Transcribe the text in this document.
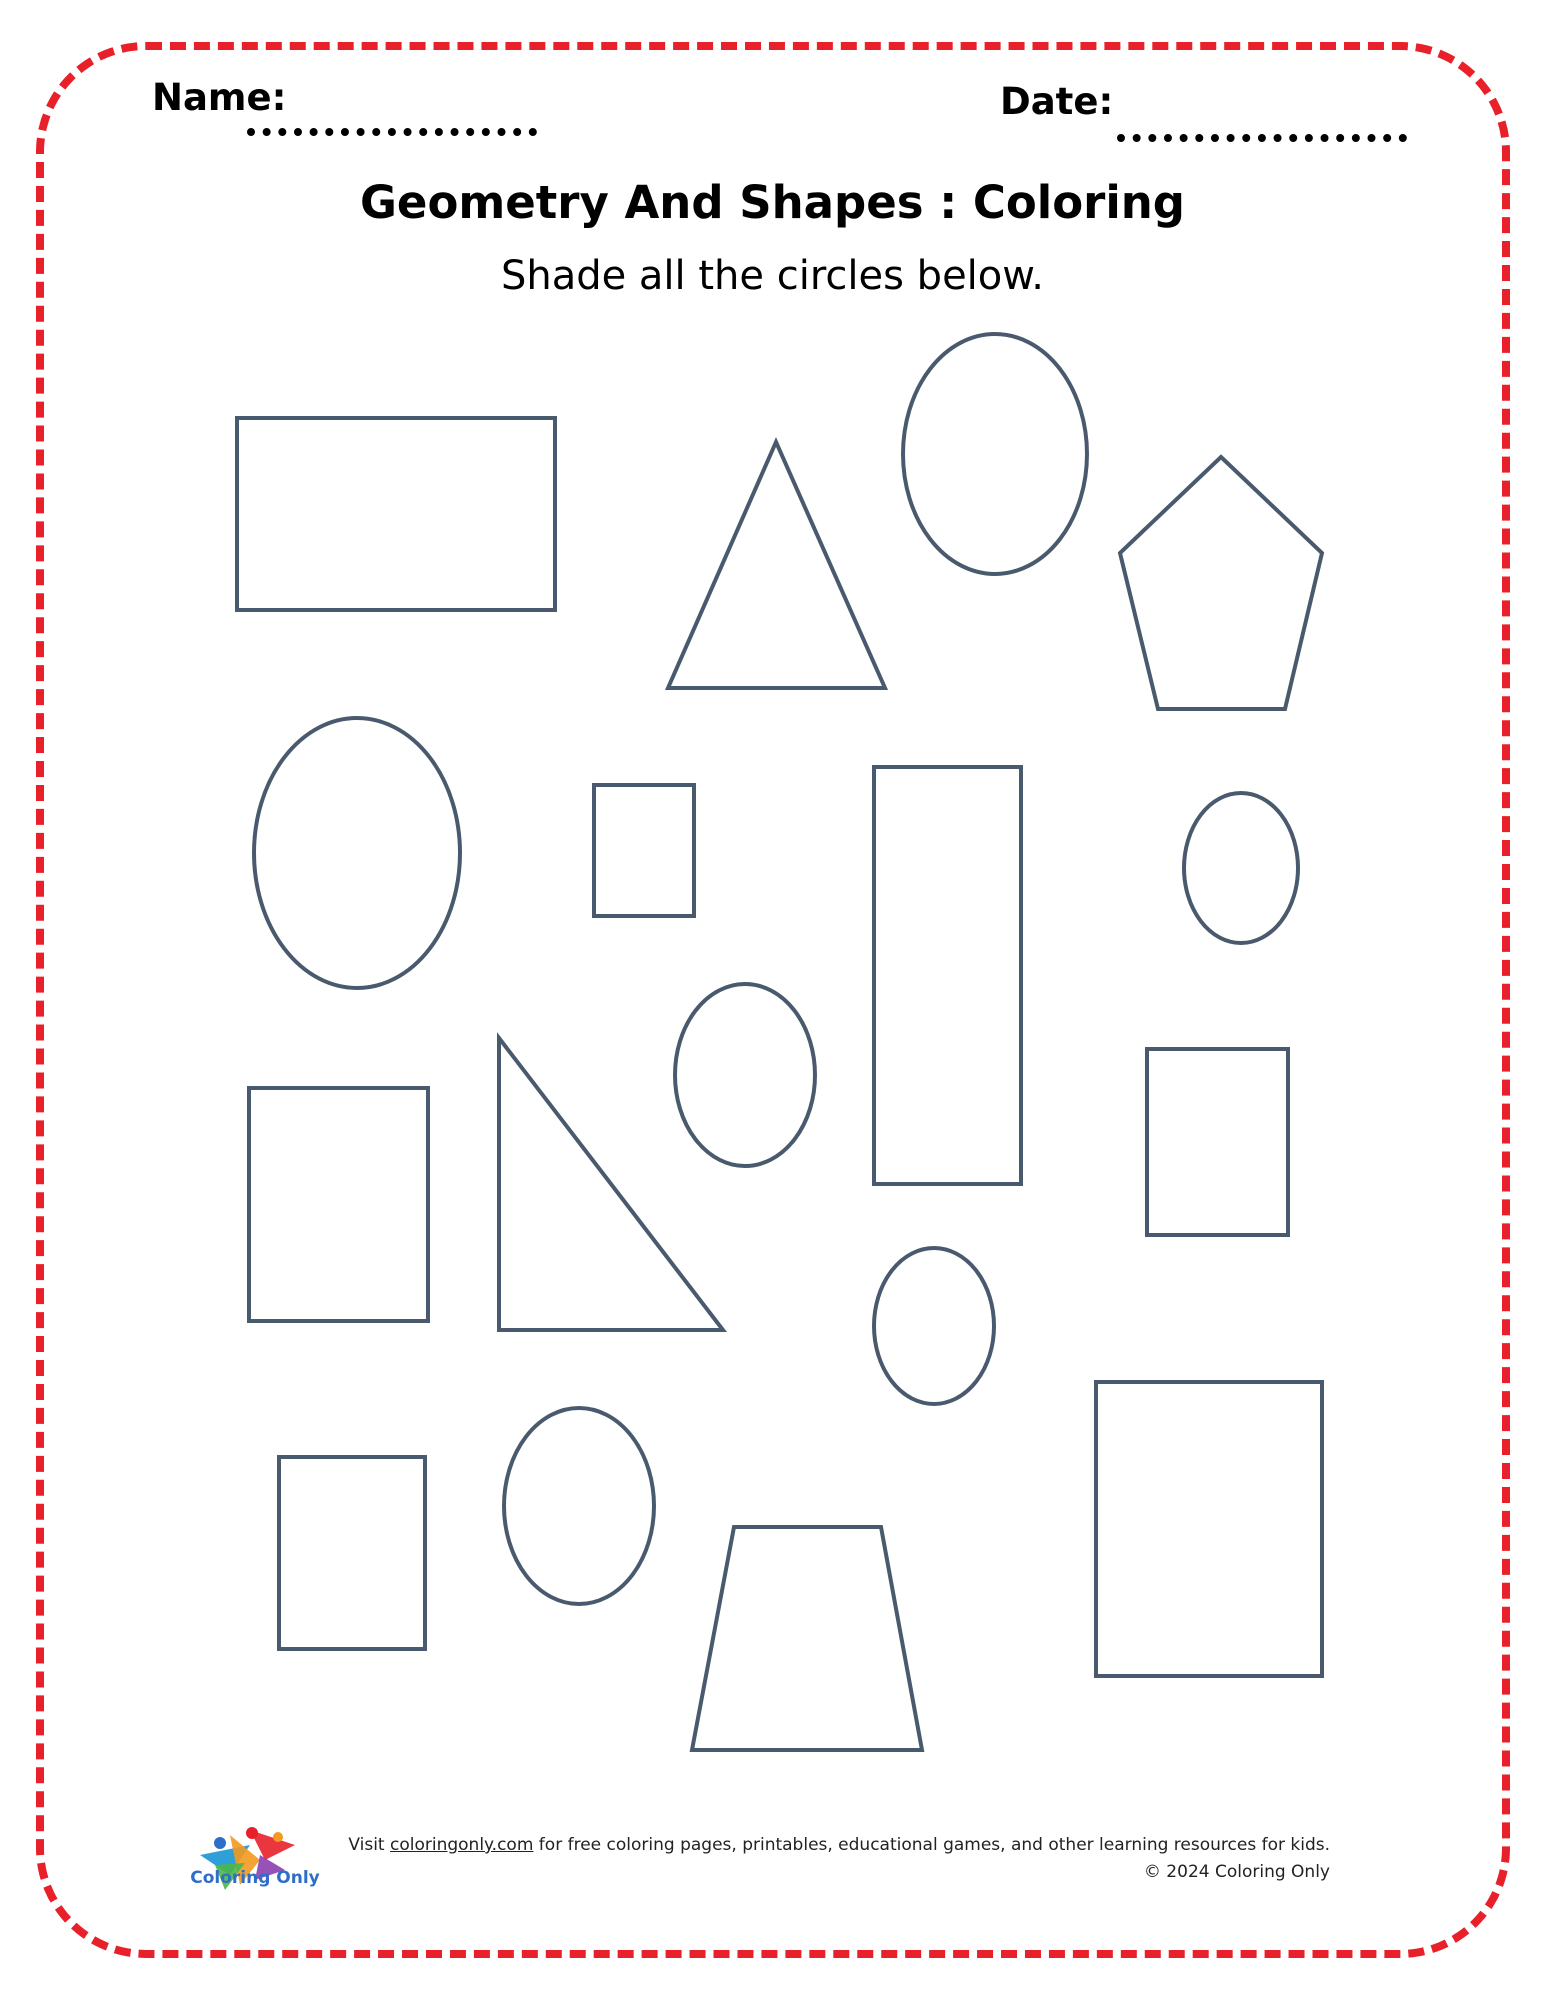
Name:	Date:
Geometry And Shapes : Coloring
Shade all the circles below.
Coloring Only
Visit coloringonly.com for free coloring pages, printables, educational games, and other learning resources for kids.
© 2024 Coloring Only
